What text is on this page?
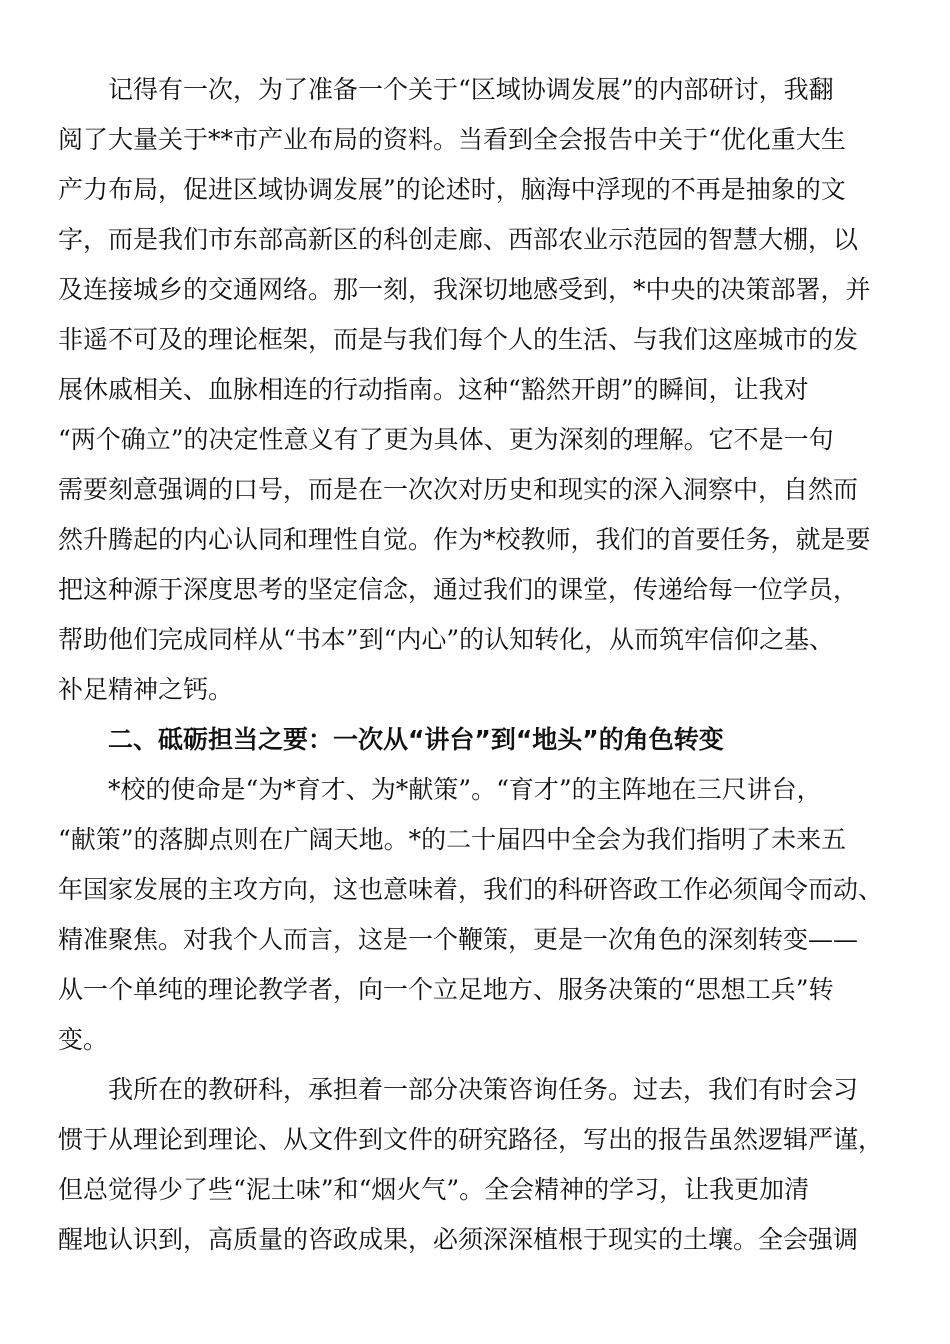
记得有一次，为了准备一个关于“区域协调发展”的内部研讨，我翻
阅了大量关于**市产业布局的资料。当看到全会报告中关于“优化重大生
产力布局，促进区域协调发展”的论述时，脑海中浮现的不再是抽象的文
字，而是我们市东部高新区的科创走廊、西部农业示范园的智慧大棚，以
及连接城乡的交通网络。那一刻，我深切地感受到，*中央的决策部署，并
非遥不可及的理论框架，而是与我们每个人的生活、与我们这座城市的发
展休戚相关、血脉相连的行动指南。这种“豁然开朗”的瞬间，让我对
“两个确立”的决定性意义有了更为具体、更为深刻的理解。它不是一句
需要刻意强调的口号，而是在一次次对历史和现实的深入洞察中，自然而
然升腾起的内心认同和理性自觉。作为*校教师，我们的首要任务，就是要
把这种源于深度思考的坚定信念，通过我们的课堂，传递给每一位学员，
帮助他们完成同样从“书本”到“内心”的认知转化，从而筑牢信仰之基、
补足精神之钙。
二、砥砺担当之要：一次从“讲台”到“地头”的角色转变
*校的使命是“为*育才、为*献策”。“育才”的主阵地在三尺讲台，
“献策”的落脚点则在广阔天地。*的二十届四中全会为我们指明了未来五
年国家发展的主攻方向，这也意味着，我们的科研咨政工作必须闻令而动、
精准聚焦。对我个人而言，这是一个鞭策，更是一次角色的深刻转变——
从一个单纯的理论教学者，向一个立足地方、服务决策的“思想工兵”转
变。
我所在的教研科，承担着一部分决策咨询任务。过去，我们有时会习
惯于从理论到理论、从文件到文件的研究路径，写出的报告虽然逻辑严谨，
但总觉得少了些“泥土味”和“烟火气”。全会精神的学习，让我更加清
醒地认识到，高质量的咨政成果，必须深深植根于现实的土壤。全会强调
